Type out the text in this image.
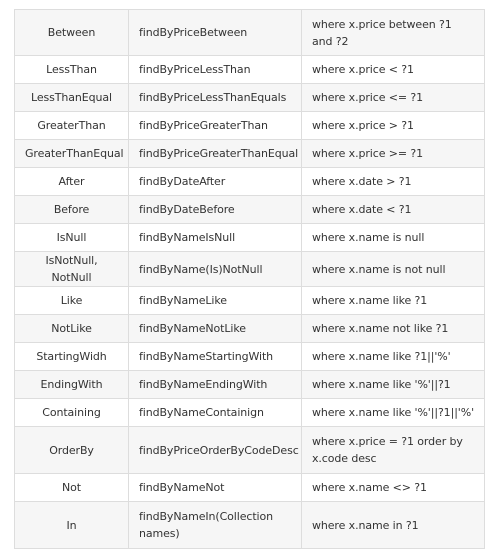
Between	findByPriceBetween	where x.price between ?1 and ?2
LessThan	findByPriceLessThan	where x.price < ?1
LessThanEqual	findByPriceLessThanEquals	where x.price <= ?1
GreaterThan	findByPriceGreaterThan	where x.price > ?1
GreaterThanEqual	findByPriceGreaterThanEqual	where x.price >= ?1
After	findByDateAfter	where x.date > ?1
Before	findByDateBefore	where x.date < ?1
IsNull	findByNameIsNull	where x.name is null
IsNotNull, NotNull	findByName(Is)NotNull	where x.name is not null
Like	findByNameLike	where x.name like ?1
NotLike	findByNameNotLike	where x.name not like ?1
StartingWidh	findByNameStartingWith	where x.name like ?1||'%'
EndingWith	findByNameEndingWith	where x.name like '%'||?1
Containing	findByNameContainign	where x.name like '%'||?1||'%'
OrderBy	findByPriceOrderByCodeDesc	where x.price = ?1 order by x.code desc
Not	findByNameNot	where x.name <> ?1
In	findByNameIn(Collection names)	where x.name in ?1
